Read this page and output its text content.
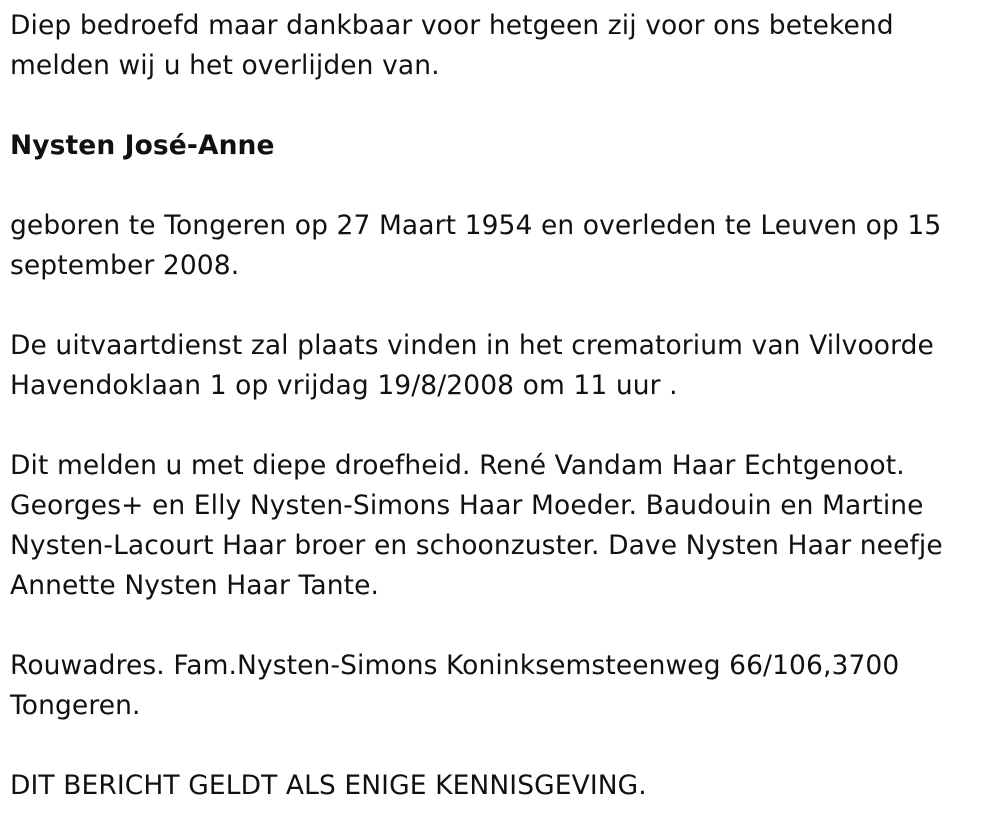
Diep bedroefd maar dankbaar voor hetgeen zij voor ons betekend melden wij u het overlijden van.

Nysten José-Anne

geboren te Tongeren op 27 Maart 1954 en overleden te Leuven op 15 september 2008.

De uitvaartdienst zal plaats vinden in het crematorium van Vilvoorde Havendoklaan 1 op vrijdag 19/8/2008 om 11 uur .

Dit melden u met diepe droefheid. René Vandam Haar Echtgenoot. Georges+ en Elly Nysten-Simons Haar Moeder. Baudouin en Martine Nysten-Lacourt Haar broer en schoonzuster. Dave Nysten Haar neefje Annette Nysten Haar Tante.

Rouwadres. Fam.Nysten-Simons Koninksemsteenweg 66/106,3700 Tongeren.

DIT BERICHT GELDT ALS ENIGE KENNISGEVING.
